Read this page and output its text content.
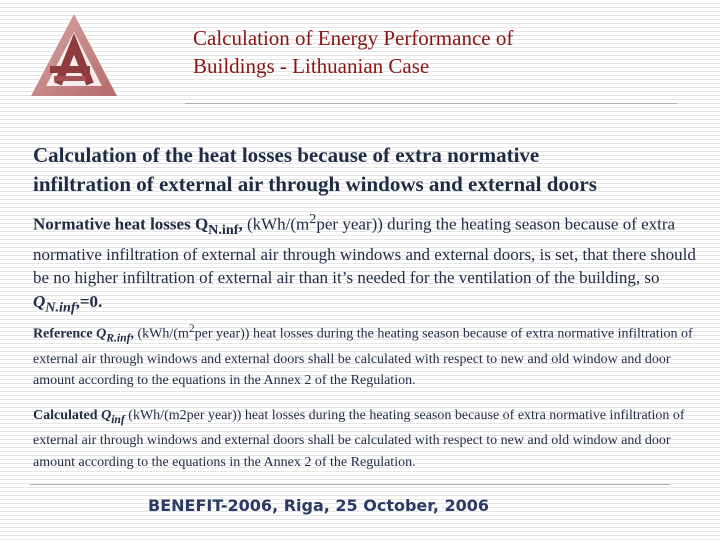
Calculation of Energy Performance of
Buildings - Lithuanian Case
Calculation of the heat losses because of extra normative
infiltration of external air through windows and external doors
Normative heat losses $Q_{N.inf}$, ($kWh/(m^2per$ year)) during the heating season because of extra normative infiltration of external air through windows and external doors, is set, that there should be no higher infiltration of external air than it’s needed for the ventilation of the building, so $Q_{N.inf},=0$.
Reference $Q_{R.inf}$, ($kWh/(m^2per$ year)) heat losses during the heating season because of extra normative infiltration of external air through windows and external doors shall be calculated with respect to new and old window and door amount according to the equations in the Annex 2 of the Regulation.
Calculated $Q_{inf}$ (kWh/(m2per year)) heat losses during the heating season because of extra normative infiltration of external air through windows and external doors shall be calculated with respect to new and old window and door amount according to the equations in the Annex 2 of the Regulation.
BENEFIT-2006, Riga, 25 October, 2006
